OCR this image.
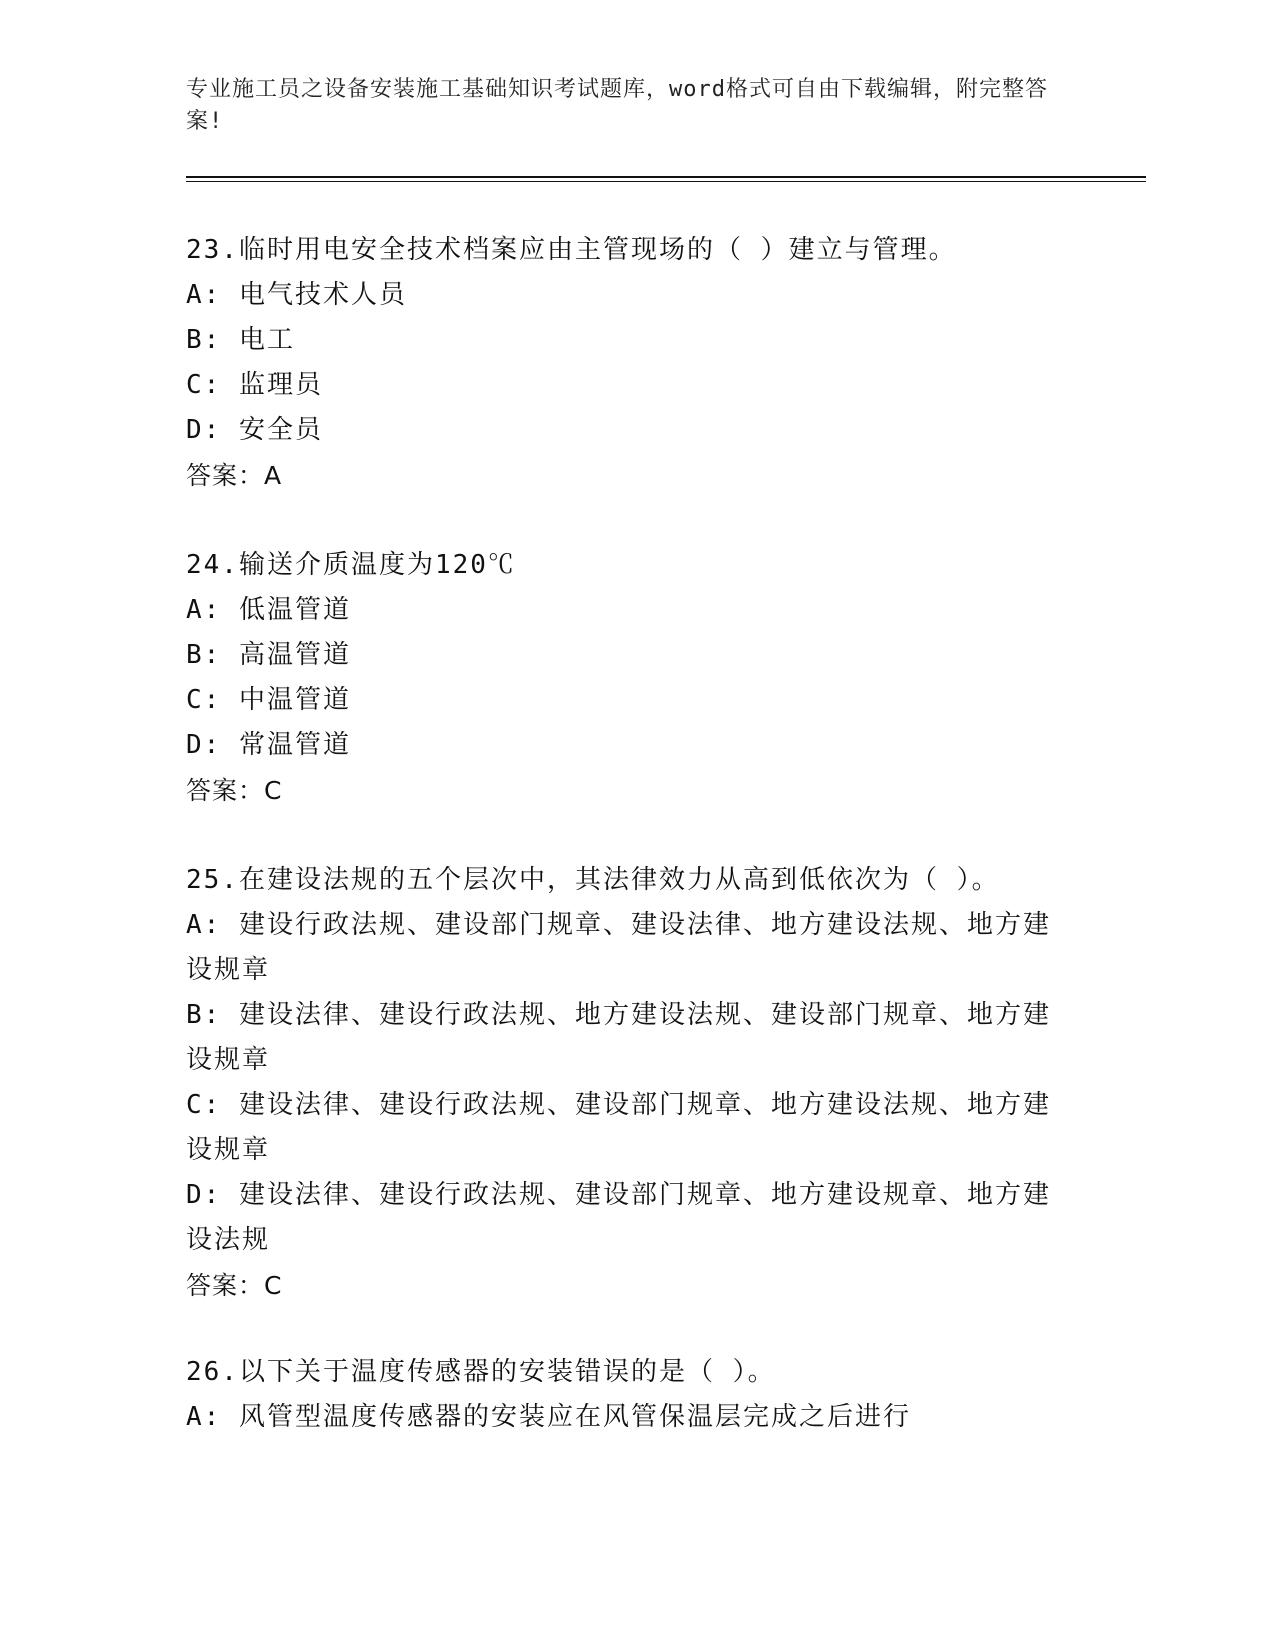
专业施工员之设备安装施工基础知识考试题库，word格式可自由下载编辑，附完整答案!
23.临时用电安全技术档案应由主管现场的（ ）建立与管理。
A: 电气技术人员
B: 电工
C: 监理员
D: 安全员
答案：A
24.输送介质温度为120℃
A: 低温管道
B: 高温管道
C: 中温管道
D: 常温管道
答案：C
25.在建设法规的五个层次中，其法律效力从高到低依次为（ ）。
A: 建设行政法规、建设部门规章、建设法律、地方建设法规、地方建设规章
B: 建设法律、建设行政法规、地方建设法规、建设部门规章、地方建设规章
C: 建设法律、建设行政法规、建设部门规章、地方建设法规、地方建设规章
D: 建设法律、建设行政法规、建设部门规章、地方建设规章、地方建设法规
答案：C
26.以下关于温度传感器的安装错误的是（ ）。
A: 风管型温度传感器的安装应在风管保温层完成之后进行
